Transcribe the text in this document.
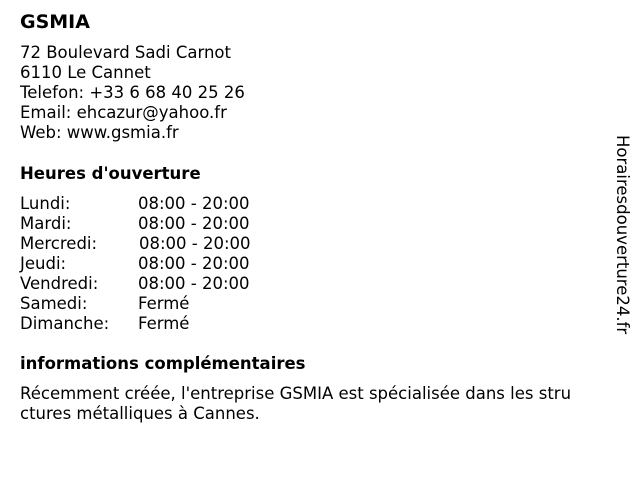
GSMIA
72 Boulevard Sadi Carnot
6110 Le Cannet
Telefon: +33 6 68 40 25 26
Email: ehcazur@yahoo.fr
Web: www.gsmia.fr
Heures d'ouverture
Lundi:	08:00 - 20:00
Mardi:	08:00 - 20:00
Mercredi:	08:00 - 20:00
Jeudi:	08:00 - 20:00
Vendredi: 08:00 - 20:00
Samedi:	Fermé
Dimanche: Fermé
informations complémentaires
Récemment créée, l'entreprise GSMIA est spécialisée dans les stru
ctures métalliques à Cannes.
Horairesdouverture24.fr
